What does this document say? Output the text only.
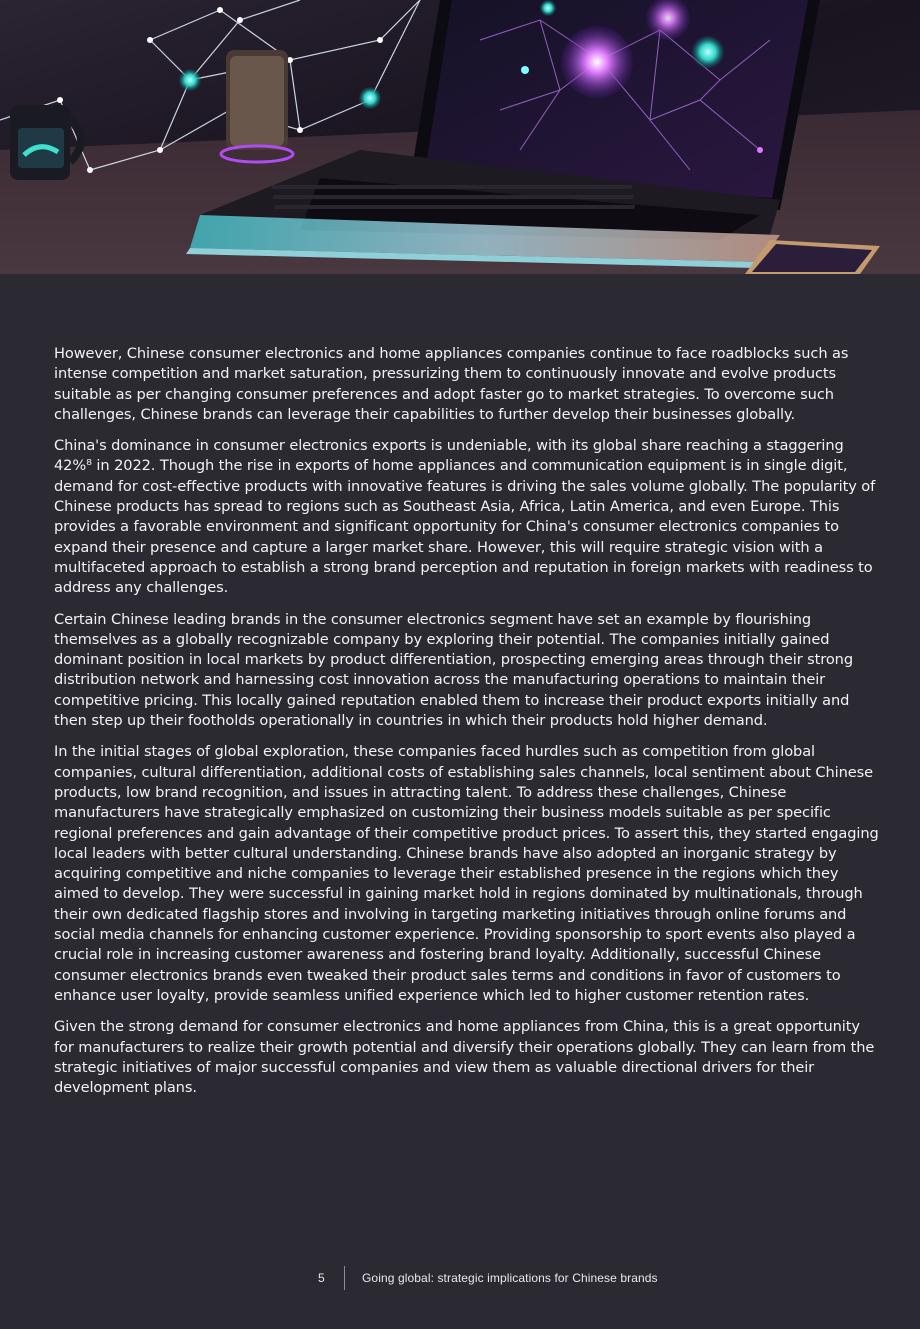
However, Chinese consumer electronics and home appliances companies continue to face roadblocks such as intense competition and market saturation, pressurizing them to continuously innovate and evolve products suitable as per changing consumer preferences and adopt faster go to market strategies. To overcome such challenges, Chinese brands can leverage their capabilities to further develop their businesses globally.

China's dominance in consumer electronics exports is undeniable, with its global share reaching a staggering 42%⁸ in 2022. Though the rise in exports of home appliances and communication equipment is in single digit, demand for cost-effective products with innovative features is driving the sales volume globally. The popularity of Chinese products has spread to regions such as Southeast Asia, Africa, Latin America, and even Europe. This provides a favorable environment and significant opportunity for China's consumer electronics companies to expand their presence and capture a larger market share. However, this will require strategic vision with a multifaceted approach to establish a strong brand perception and reputation in foreign markets with readiness to address any challenges.

Certain Chinese leading brands in the consumer electronics segment have set an example by flourishing themselves as a globally recognizable company by exploring their potential. The companies initially gained dominant position in local markets by product differentiation, prospecting emerging areas through their strong distribution network and harnessing cost innovation across the manufacturing operations to maintain their competitive pricing. This locally gained reputation enabled them to increase their product exports initially and then step up their footholds operationally in countries in which their products hold higher demand.

In the initial stages of global exploration, these companies faced hurdles such as competition from global companies, cultural differentiation, additional costs of establishing sales channels, local sentiment about Chinese products, low brand recognition, and issues in attracting talent. To address these challenges, Chinese manufacturers have strategically emphasized on customizing their business models suitable as per specific regional preferences and gain advantage of their competitive product prices. To assert this, they started engaging local leaders with better cultural understanding. Chinese brands have also adopted an inorganic strategy by acquiring competitive and niche companies to leverage their established presence in the regions which they aimed to develop. They were successful in gaining market hold in regions dominated by multinationals, through their own dedicated flagship stores and involving in targeting marketing initiatives through online forums and social media channels for enhancing customer experience. Providing sponsorship to sport events also played a crucial role in increasing customer awareness and fostering brand loyalty. Additionally, successful Chinese consumer electronics brands even tweaked their product sales terms and conditions in favor of customers to enhance user loyalty, provide seamless unified experience which led to higher customer retention rates.

Given the strong demand for consumer electronics and home appliances from China, this is a great opportunity for manufacturers to realize their growth potential and diversify their operations globally. They can learn from the strategic initiatives of major successful companies and view them as valuable directional drivers for their development plans.

5	Going global: strategic implications for Chinese brands
